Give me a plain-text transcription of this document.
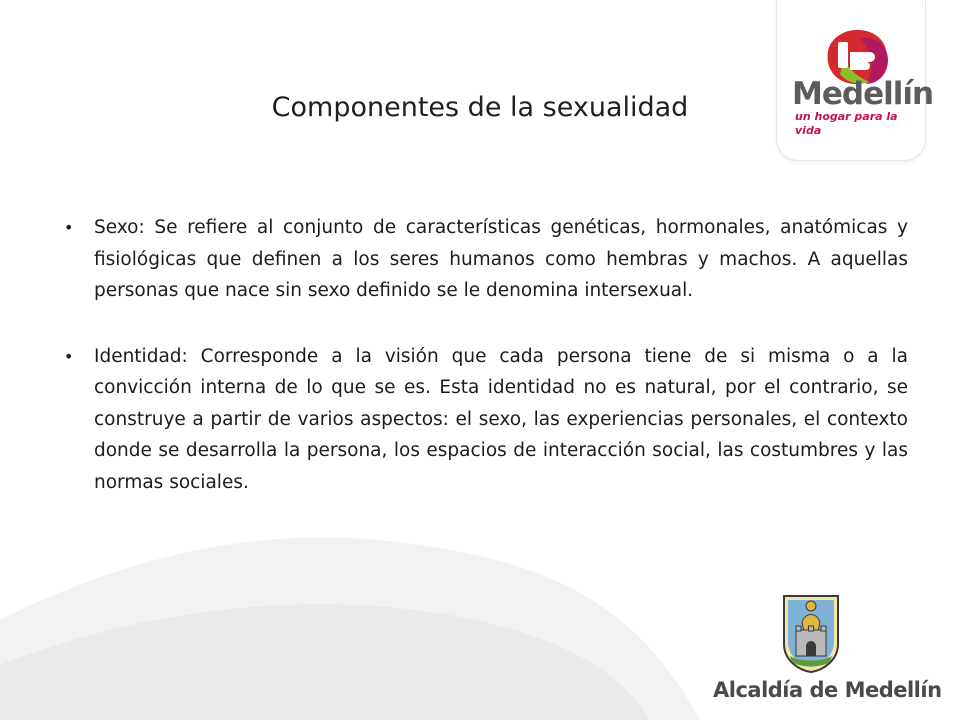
Medellín
un hogar para la vida
Componentes de la sexualidad
• Sexo: Se refiere al conjunto de características genéticas, hormonales, anatómicas y fisiológicas que definen a los seres humanos como hembras y machos. A aquellas personas que nace sin sexo definido se le denomina intersexual.
• Identidad: Corresponde a la visión que cada persona tiene de si misma o a la convicción interna de lo que se es. Esta identidad no es natural, por el contrario, se construye a partir de varios aspectos: el sexo, las experiencias personales, el contexto donde se desarrolla la persona, los espacios de interacción social, las costumbres y las normas sociales.
Alcaldía de Medellín
